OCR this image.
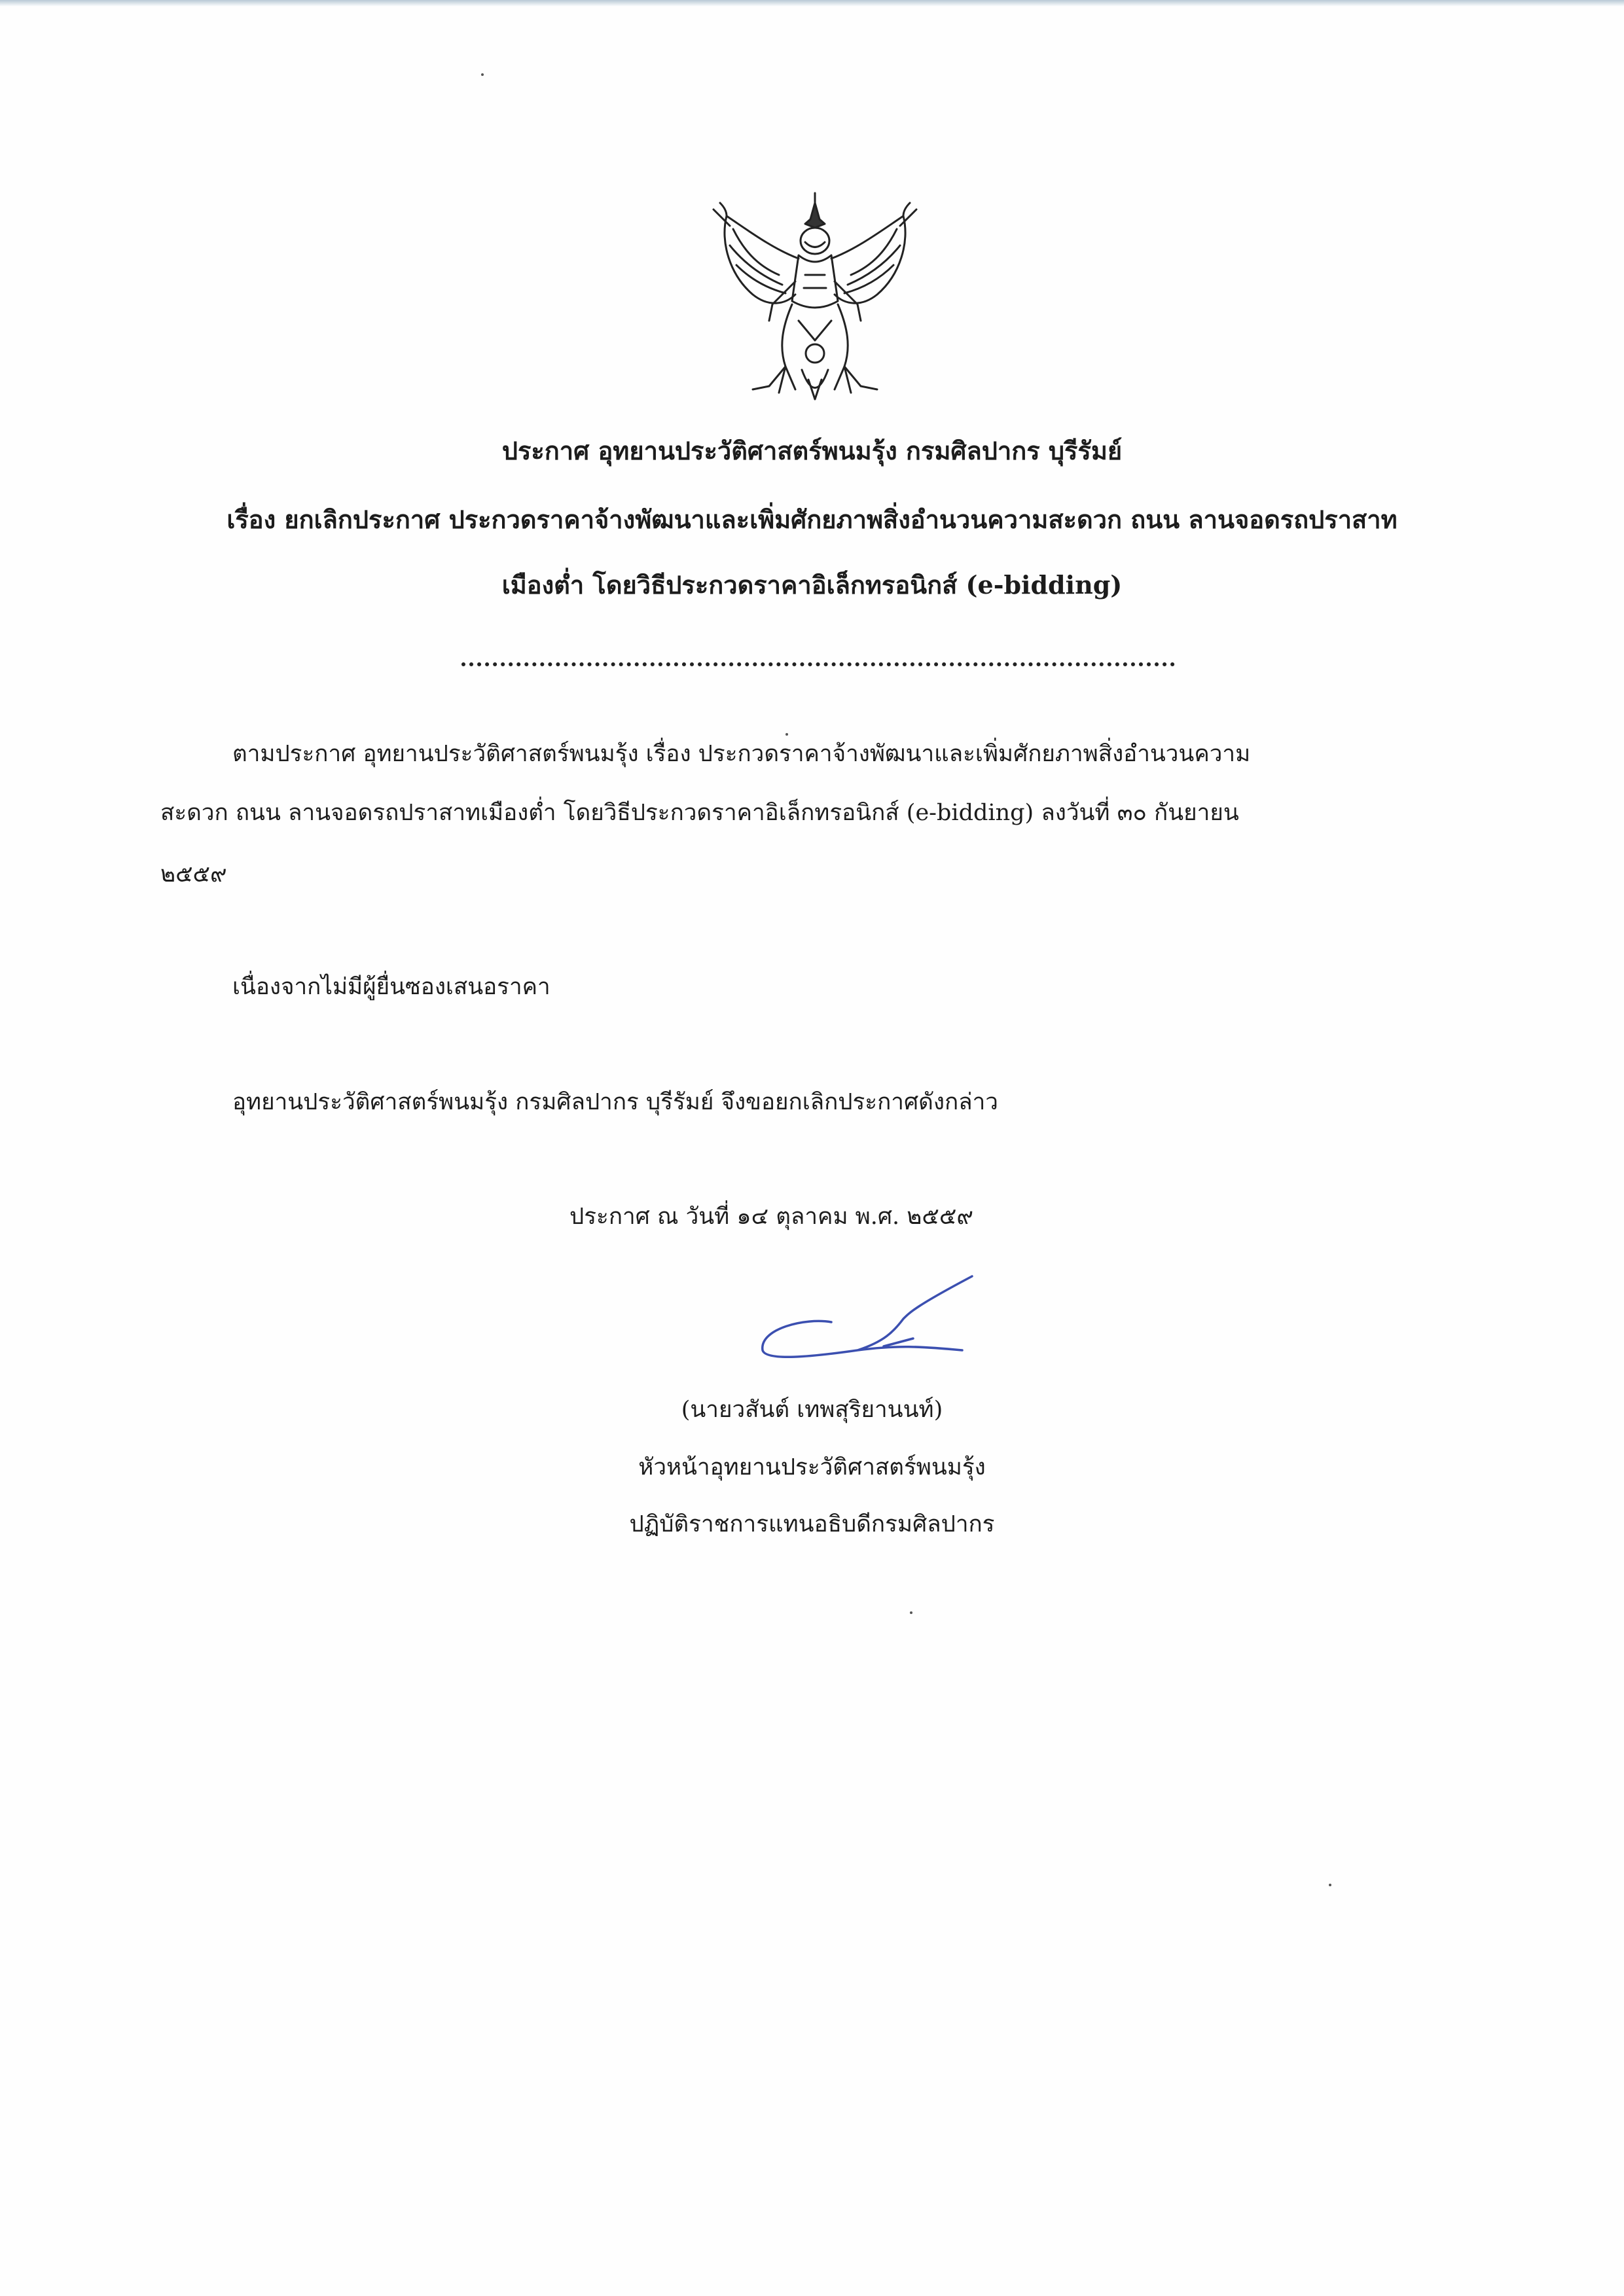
ประกาศ อุทยานประวัติศาสตร์พนมรุ้ง กรมศิลปากร บุรีรัมย์
เรื่อง ยกเลิกประกาศ ประกวดราคาจ้างพัฒนาและเพิ่มศักยภาพสิ่งอำนวนความสะดวก ถนน ลานจอดรถปราสาท
เมืองต่ำ โดยวิธีประกวดราคาอิเล็กทรอนิกส์ (e-bidding)
ตามประกาศ อุทยานประวัติศาสตร์พนมรุ้ง เรื่อง ประกวดราคาจ้างพัฒนาและเพิ่มศักยภาพสิ่งอำนวนความ
สะดวก ถนน ลานจอดรถปราสาทเมืองต่ำ โดยวิธีประกวดราคาอิเล็กทรอนิกส์ (e-bidding) ลงวันที่ ๓๐ กันยายน
๒๕๕๙
เนื่องจากไม่มีผู้ยื่นซองเสนอราคา
อุทยานประวัติศาสตร์พนมรุ้ง กรมศิลปากร บุรีรัมย์ จึงขอยกเลิกประกาศดังกล่าว
ประกาศ ณ วันที่ ๑๔ ตุลาคม พ.ศ. ๒๕๕๙
(นายวสันต์ เทพสุริยานนท์)
หัวหน้าอุทยานประวัติศาสตร์พนมรุ้ง
ปฏิบัติราชการแทนอธิบดีกรมศิลปากร
